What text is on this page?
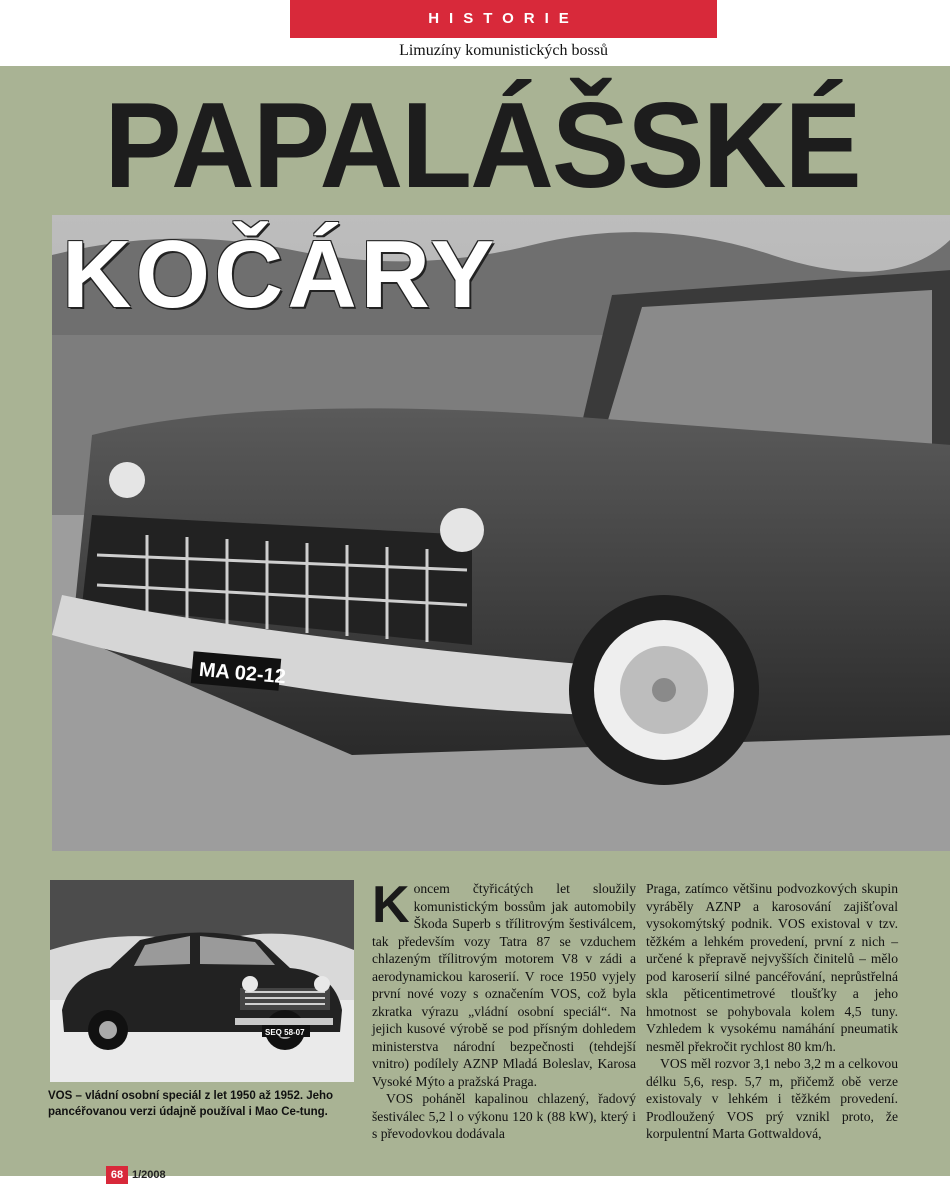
HISTORIE
Limuzíny komunistických bossů
PAPALÁŠSKÉ
MA 02-12
KOČÁRY
SEQ 58-07
VOS – vládní osobní speciál z let 1950 až 1952. Jeho pancéřovanou verzi údajně používal i Mao Ce-tung.

Koncem čtyřicátých let sloužily komunistickým bossům jak automobily Škoda Superb s třílitrovým šestiválcem, tak především vozy Tatra 87 se vzduchem chlazeným třílitrovým motorem V8 v zádi a aerodynamickou karoserií. V roce 1950 vyjely první nové vozy s označením VOS, což byla zkratka výrazu „vládní osobní speciál“. Na jejich kusové výrobě se pod přísným dohledem ministerstva národní bezpečnosti (tehdejší vnitro) podílely AZNP Mladá Boleslav, Karosa Vysoké Mýto a pražská Praga.

VOS poháněl kapalinou chlazený, řadový šestiválec 5,2 l o výkonu 120 k (88 kW), který i s převodovkou dodávala

Praga, zatímco většinu podvozkových skupin vyráběly AZNP a karosování zajišťoval vysokomýtský podnik. VOS existoval v tzv. těžkém a lehkém provedení, první z nich – určené k přepravě nejvyšších činitelů – mělo pod karoserií silné pancéřování, neprůstřelná skla pěticentimetrové tloušťky a jeho hmotnost se pohybovala kolem 4,5 tuny. Vzhledem k vysokému namáhání pneumatik nesměl překročit rychlost 80 km/h.

VOS měl rozvor 3,1 nebo 3,2 m a celkovou délku 5,6, resp. 5,7 m, přičemž obě verze existovaly v lehkém i těžkém provedení. Prodloužený VOS prý vznikl proto, že korpulentní Marta Gottwaldová,

68 1/2008
